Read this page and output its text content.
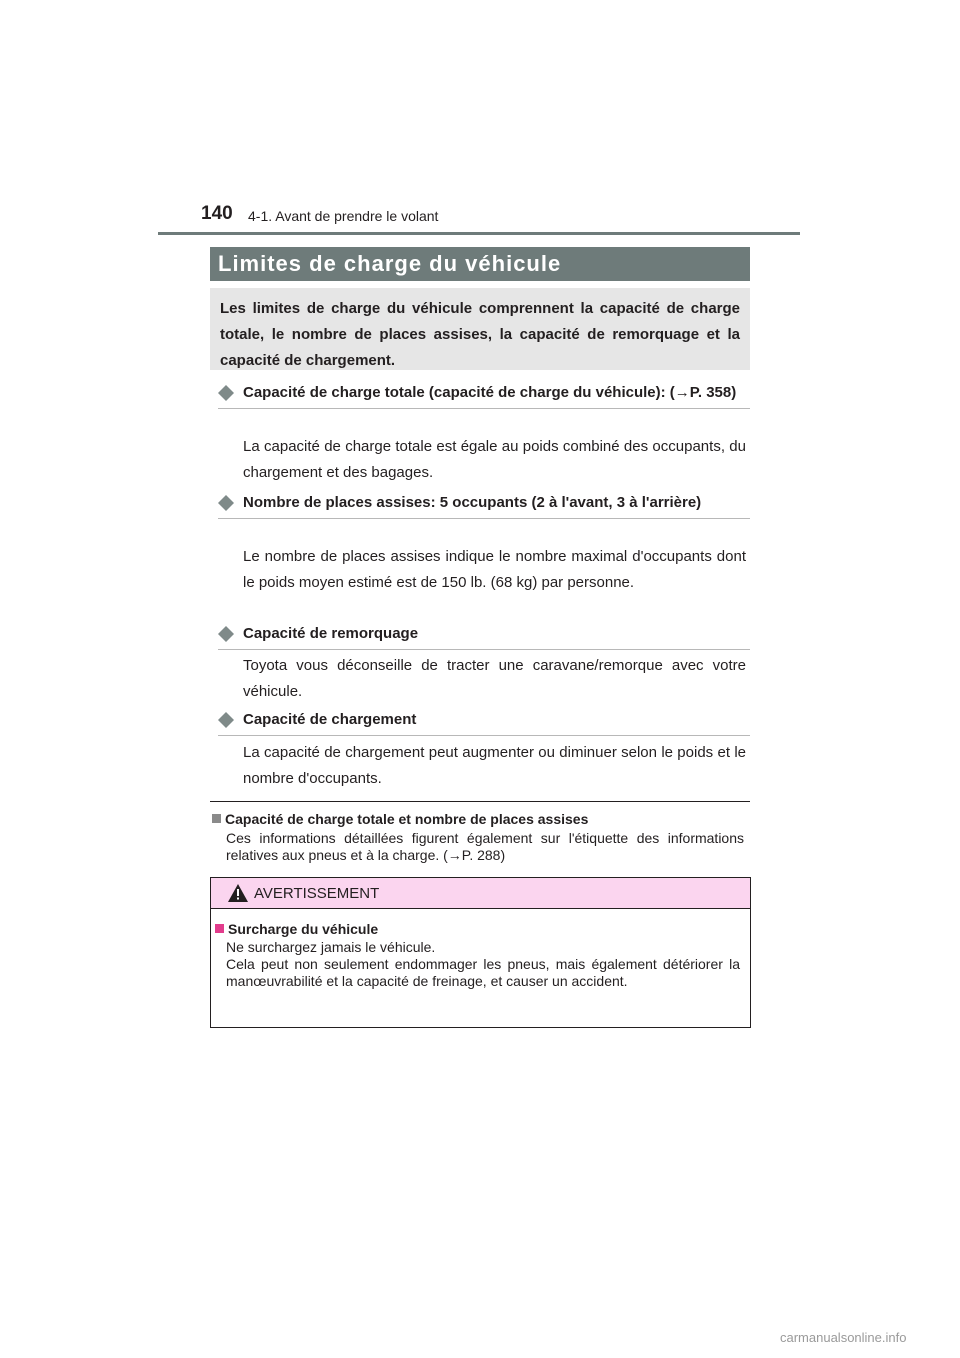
140 4-1. Avant de prendre le volant
Limites de charge du véhicule
Les limites de charge du véhicule comprennent la capacité de charge totale, le nombre de places assises, la capacité de remorquage et la capacité de chargement.
Capacité de charge totale (capacité de charge du véhicule): (→P. 358)
La capacité de charge totale est égale au poids combiné des occupants, du chargement et des bagages.
Nombre de places assises: 5 occupants (2 à l'avant, 3 à l'arrière)
Le nombre de places assises indique le nombre maximal d'occupants dont le poids moyen estimé est de 150 lb. (68 kg) par personne.
Capacité de remorquage
Toyota vous déconseille de tracter une caravane/remorque avec votre véhicule.
Capacité de chargement
La capacité de chargement peut augmenter ou diminuer selon le poids et le nombre d'occupants.
Capacité de charge totale et nombre de places assises
Ces informations détaillées figurent également sur l'étiquette des informations relatives aux pneus et à la charge. (→P. 288)
AVERTISSEMENT
Surcharge du véhicule
Ne surchargez jamais le véhicule.
Cela peut non seulement endommager les pneus, mais également détériorer la manœuvrabilité et la capacité de freinage, et causer un accident.
carmanualsonline.info
